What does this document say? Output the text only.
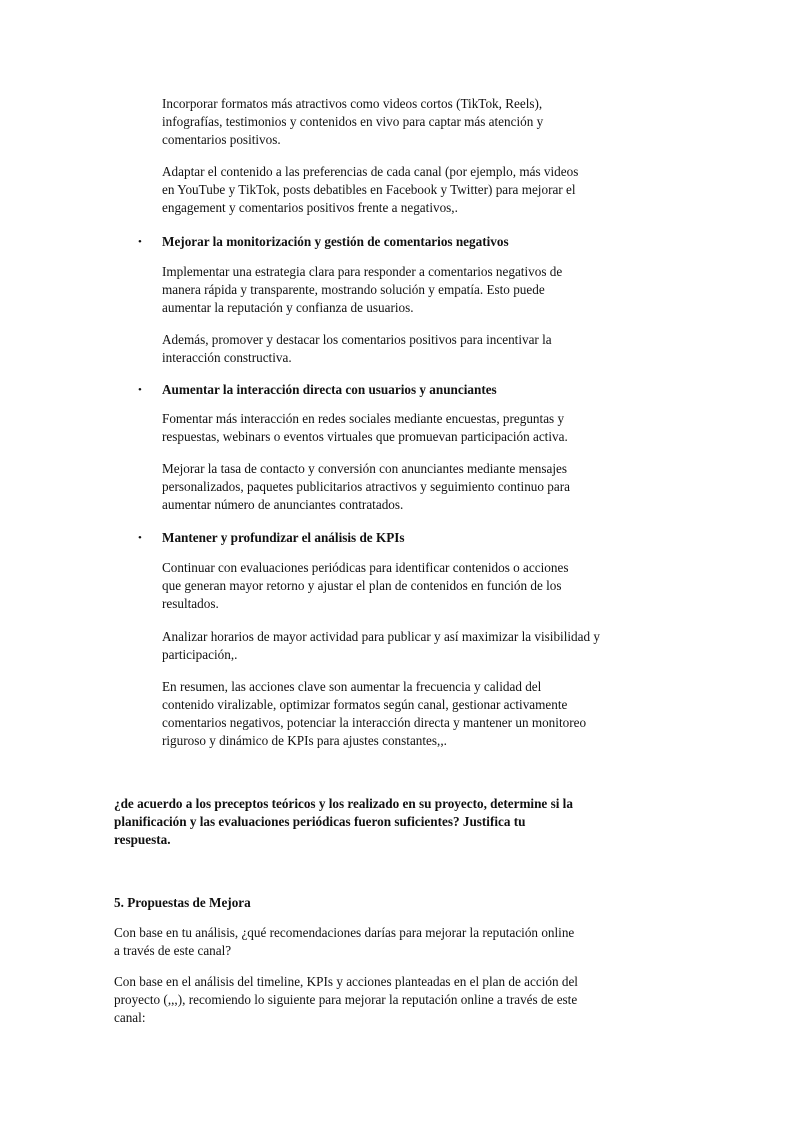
Incorporar formatos más atractivos como videos cortos (TikTok, Reels),
infografías, testimonios y contenidos en vivo para captar más atención y
comentarios positivos.

Adaptar el contenido a las preferencias de cada canal (por ejemplo, más videos
en YouTube y TikTok, posts debatibles en Facebook y Twitter) para mejorar el
engagement y comentarios positivos frente a negativos,.

• Mejorar la monitorización y gestión de comentarios negativos

Implementar una estrategia clara para responder a comentarios negativos de
manera rápida y transparente, mostrando solución y empatía. Esto puede
aumentar la reputación y confianza de usuarios.

Además, promover y destacar los comentarios positivos para incentivar la
interacción constructiva.

• Aumentar la interacción directa con usuarios y anunciantes

Fomentar más interacción en redes sociales mediante encuestas, preguntas y
respuestas, webinars o eventos virtuales que promuevan participación activa.

Mejorar la tasa de contacto y conversión con anunciantes mediante mensajes
personalizados, paquetes publicitarios atractivos y seguimiento continuo para
aumentar número de anunciantes contratados.

• Mantener y profundizar el análisis de KPIs

Continuar con evaluaciones periódicas para identificar contenidos o acciones
que generan mayor retorno y ajustar el plan de contenidos en función de los
resultados.

Analizar horarios de mayor actividad para publicar y así maximizar la visibilidad y
participación,.

En resumen, las acciones clave son aumentar la frecuencia y calidad del
contenido viralizable, optimizar formatos según canal, gestionar activamente
comentarios negativos, potenciar la interacción directa y mantener un monitoreo
riguroso y dinámico de KPIs para ajustes constantes,,.

¿de acuerdo a los preceptos teóricos y los realizado en su proyecto, determine si la
planificación y las evaluaciones periódicas fueron suficientes? Justifica tu
respuesta.

5. Propuestas de Mejora

Con base en tu análisis, ¿qué recomendaciones darías para mejorar la reputación online
a través de este canal?

Con base en el análisis del timeline, KPIs y acciones planteadas en el plan de acción del
proyecto (,,,), recomiendo lo siguiente para mejorar la reputación online a través de este
canal:
